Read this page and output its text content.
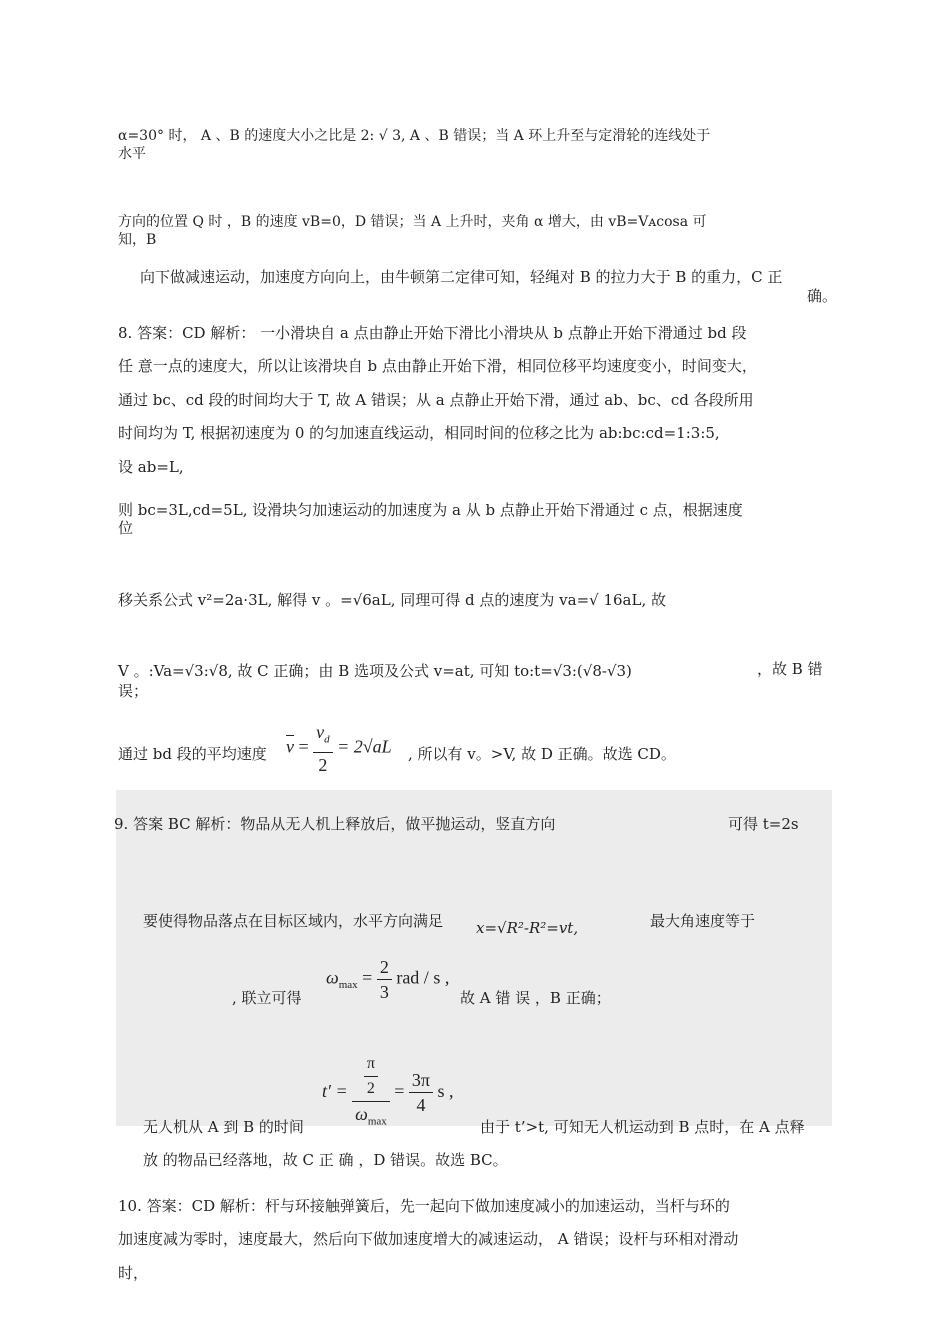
α=30° 时， A 、B 的速度大小之比是 2: √ 3, A 、B 错误；当 A 环上升至与定滑轮的连线处于
水平
方向的位置 Q 时 ，B 的速度 vB=0，D 错误；当 A 上升时，夹角 α 增大，由 vB=Vᴀcosa 可
知，B
向下做减速运动，加速度方向向上，由牛顿第二定律可知，轻绳对 B 的拉力大于 B 的重力，C 正
确。
8. 答案：CD 解析： 一小滑块自 a 点由静止开始下滑比小滑块从 b 点静止开始下滑通过 bd 段
任 意一点的速度大，所以让该滑块自 b 点由静止开始下滑，相同位移平均速度变小，时间变大，
通过 bc、cd 段的时间均大于 T, 故 A 错误；从 a 点静止开始下滑，通过 ab、bc、cd 各段所用
时间均为 T, 根据初速度为 0 的匀加速直线运动，相同时间的位移之比为 ab:bc:cd=1:3:5,
设 ab=L,
则 bc=3L,cd=5L, 设滑块匀加速运动的加速度为 a 从 b 点静止开始下滑通过 c 点，根据速度
位
移关系公式 v²=2a·3L, 解得 v 。=√6aL, 同理可得 d 点的速度为 va=√ 16aL, 故
V 。:Va=√3:√8, 故 C 正确；由 B 选项及公式 v=at, 可知 to:t=√3:(√8-√3)	，故 B 错
误；
通过 bd 段的平均速度 $\overline{v} = \frac{v_d}{2} = 2√aL$ , 所以有 v。>V, 故 D 正确。故选 CD。
9. 答案 BC 解析：物品从无人机上释放后，做平抛运动，竖直方向	可得 t=2s
要使得物品落点在目标区域内，水平方向满足 x=√R²-R²=vt,	最大角速度等于
, 联立可得
$\omega_{max} = \frac{2}{3}$ rad / s ,
故 A 错 误 ，B 正确；
$t' = \frac{\frac{\pi}{2}}{\omega_{max}} = \frac{3\pi}{4}$ s ,
无人机从 A 到 B 的时间	由于 t’>t, 可知无人机运动到 B 点时，在 A 点释
放 的物品已经落地，故 C 正 确 ，D 错误。故选 BC。
10. 答案：CD 解析：杆与环接触弹簧后，先一起向下做加速度减小的加速运动，当杆与环的
加速度减为零时，速度最大，然后向下做加速度增大的减速运动， A 错误；设杆与环相对滑动
时，
